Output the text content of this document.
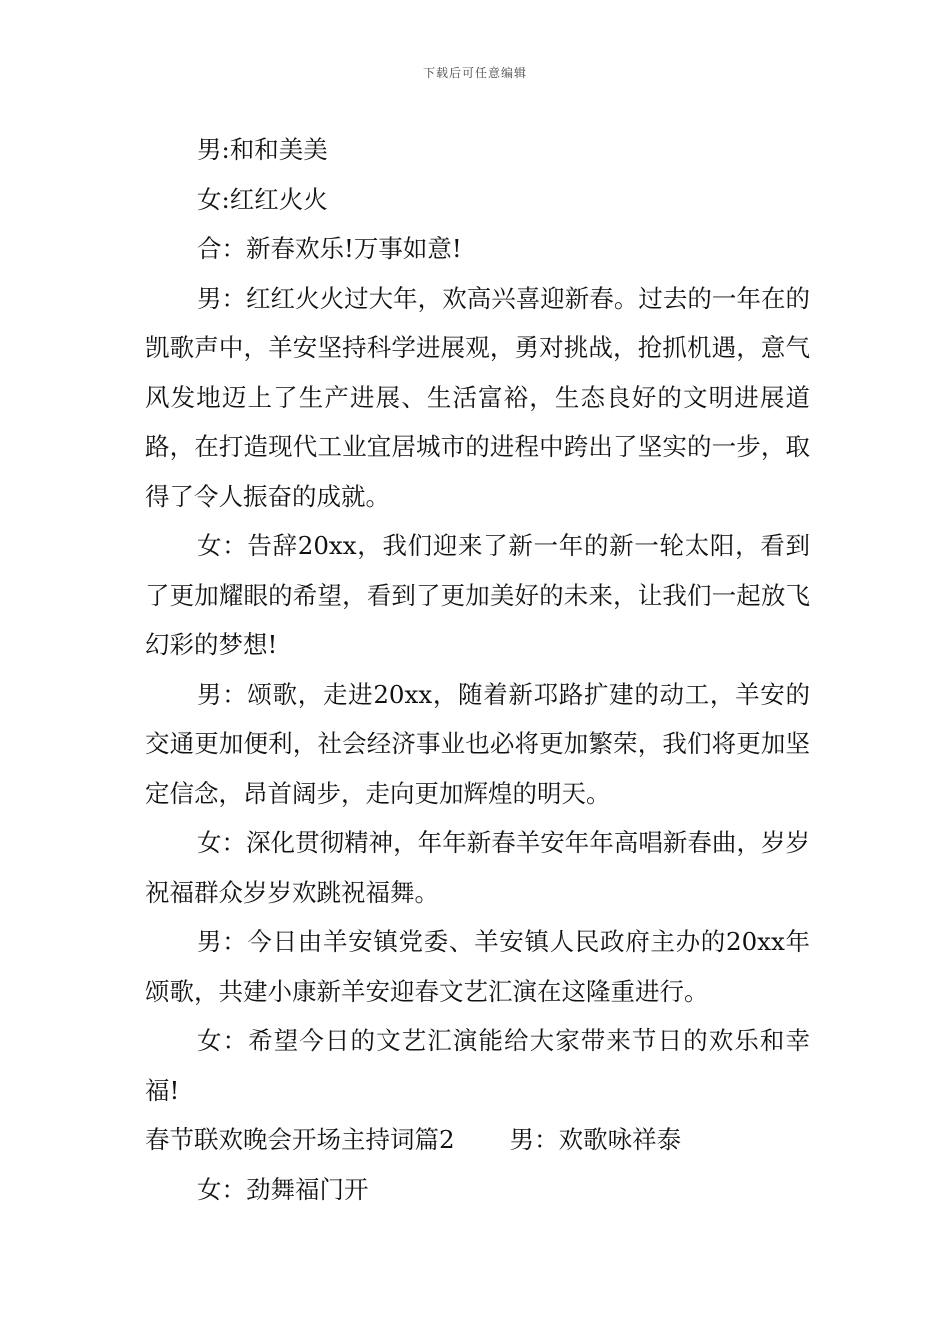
下载后可任意编辑

男:和和美美

女:红红火火

合：新春欢乐!万事如意!

男：红红火火过大年，欢高兴喜迎新春。过去的一年在的凯歌声中，羊安坚持科学进展观，勇对挑战，抢抓机遇，意气风发地迈上了生产进展、生活富裕，生态良好的文明进展道路，在打造现代工业宜居城市的进程中跨出了坚实的一步，取得了令人振奋的成就。

女：告辞20xx，我们迎来了新一年的新一轮太阳，看到了更加耀眼的希望，看到了更加美好的未来，让我们一起放飞幻彩的梦想!

男：颂歌，走进20xx，随着新邛路扩建的动工，羊安的交通更加便利，社会经济事业也必将更加繁荣，我们将更加坚定信念，昂首阔步，走向更加辉煌的明天。

女：深化贯彻精神，年年新春羊安年年高唱新春曲，岁岁祝福群众岁岁欢跳祝福舞。

男：今日由羊安镇党委、羊安镇人民政府主办的20xx年颂歌，共建小康新羊安迎春文艺汇演在这隆重进行。

女：希望今日的文艺汇演能给大家带来节日的欢乐和幸福!

春节联欢晚会开场主持词篇2 男：欢歌咏祥泰

女：劲舞福门开
